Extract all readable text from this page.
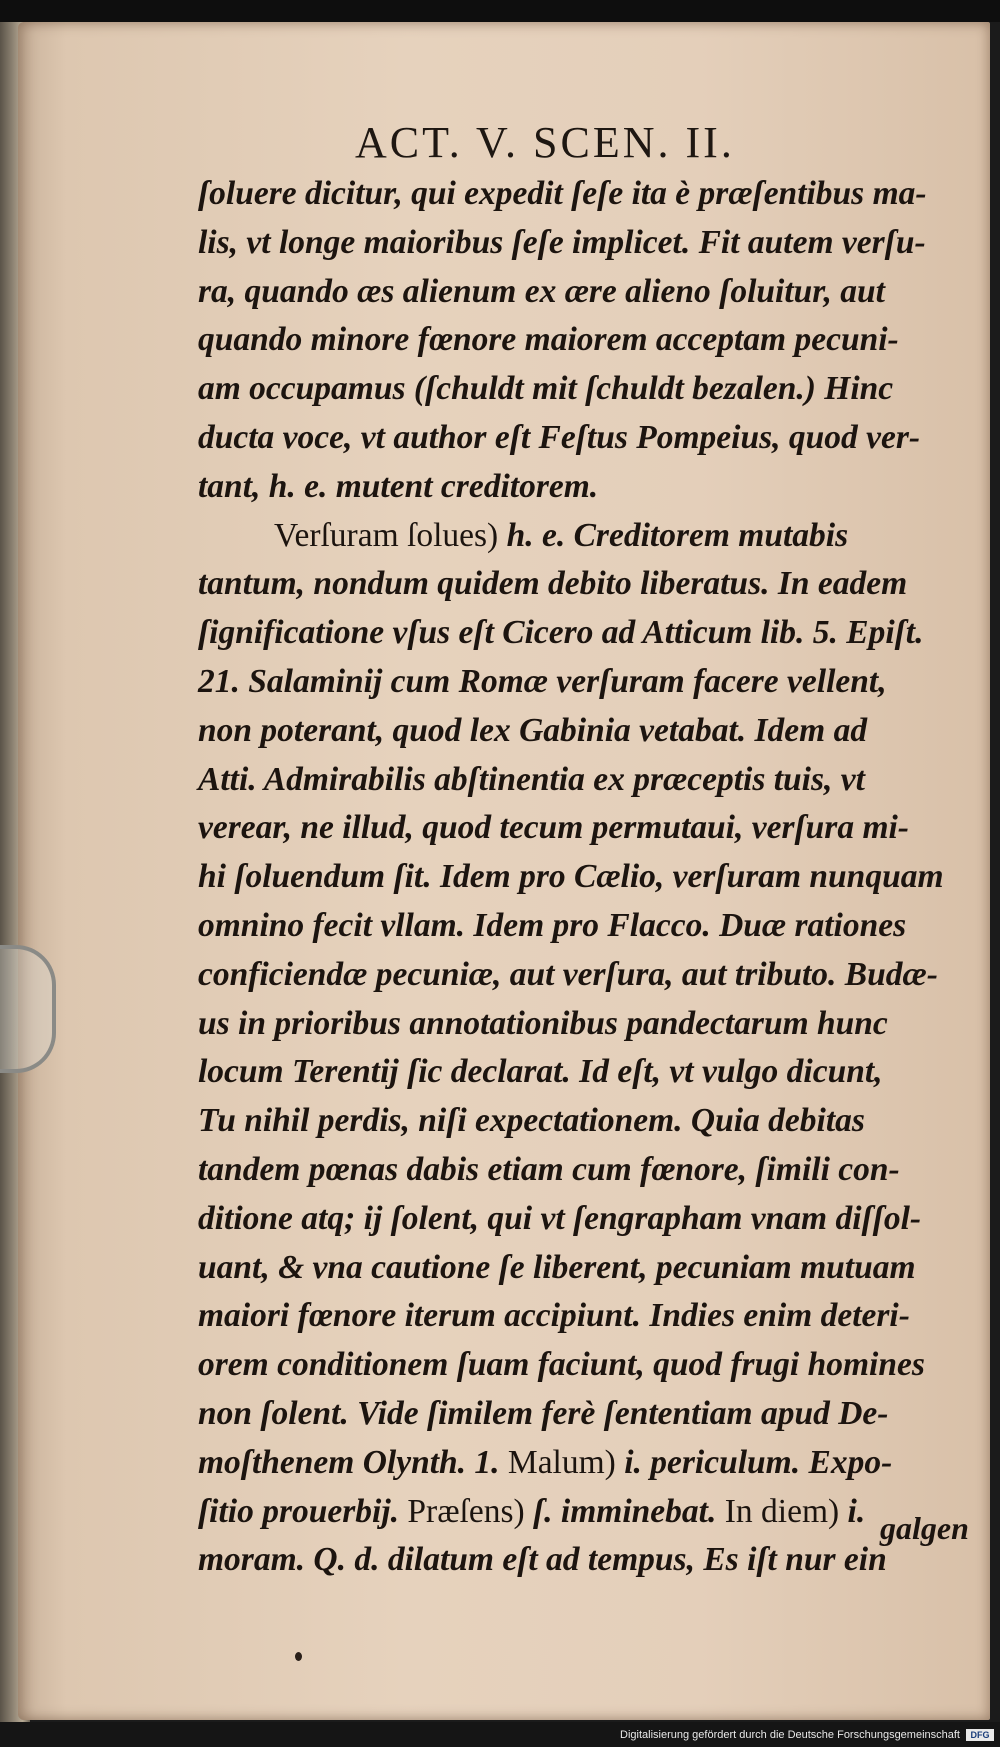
ACT. V. SCEN. II.
ſoluere dicitur, qui expedit ſeſe ita è præſentibus ma-
lis, vt longe maioribus ſeſe implicet. Fit autem verſu-
ra, quando æs alienum ex ære alieno ſoluitur, aut
quando minore fœnore maiorem acceptam pecuni-
am occupamus (ſchuldt mit ſchuldt bezalen.) Hinc
ducta voce, vt author eſt Feſtus Pompeius, quod ver-
tant, h. e. mutent creditorem.
Verſuram ſolues) h. e. Creditorem mutabis
tantum, nondum quidem debito liberatus. In eadem
ſignificatione vſus eſt Cicero ad Atticum lib. 5. Epiſt.
21. Salaminij cum Romæ verſuram facere vellent,
non poterant, quod lex Gabinia vetabat. Idem ad
Atti. Admirabilis abſtinentia ex præceptis tuis, vt
verear, ne illud, quod tecum permutaui, verſura mi-
hi ſoluendum ſit. Idem pro Cælio, verſuram nunquam
omnino fecit vllam. Idem pro Flacco. Duæ rationes
conficiendæ pecuniæ, aut verſura, aut tributo. Budæ-
us in prioribus annotationibus pandectarum hunc
locum Terentij ſic declarat. Id eſt, vt vulgo dicunt,
Tu nihil perdis, niſi expectationem. Quia debitas
tandem pœnas dabis etiam cum fœnore, ſimili con-
ditione atq; ij ſolent, qui vt ſengrapham vnam diſſol-
uant, & vna cautione ſe liberent, pecuniam mutuam
maiori fœnore iterum accipiunt. Indies enim deteri-
orem conditionem ſuam faciunt, quod frugi homines
non ſolent. Vide ſimilem ferè ſententiam apud De-
moſthenem Olynth. 1. Malum) i. periculum. Expo-
ſitio prouerbij. Præſens) ſ. imminebat. In diem) i.
moram. Q. d. dilatum eſt ad tempus, Es iſt nur ein
galgen
Digitalisierung gefördert durch die Deutsche Forschungsgemeinschaft	DFG
